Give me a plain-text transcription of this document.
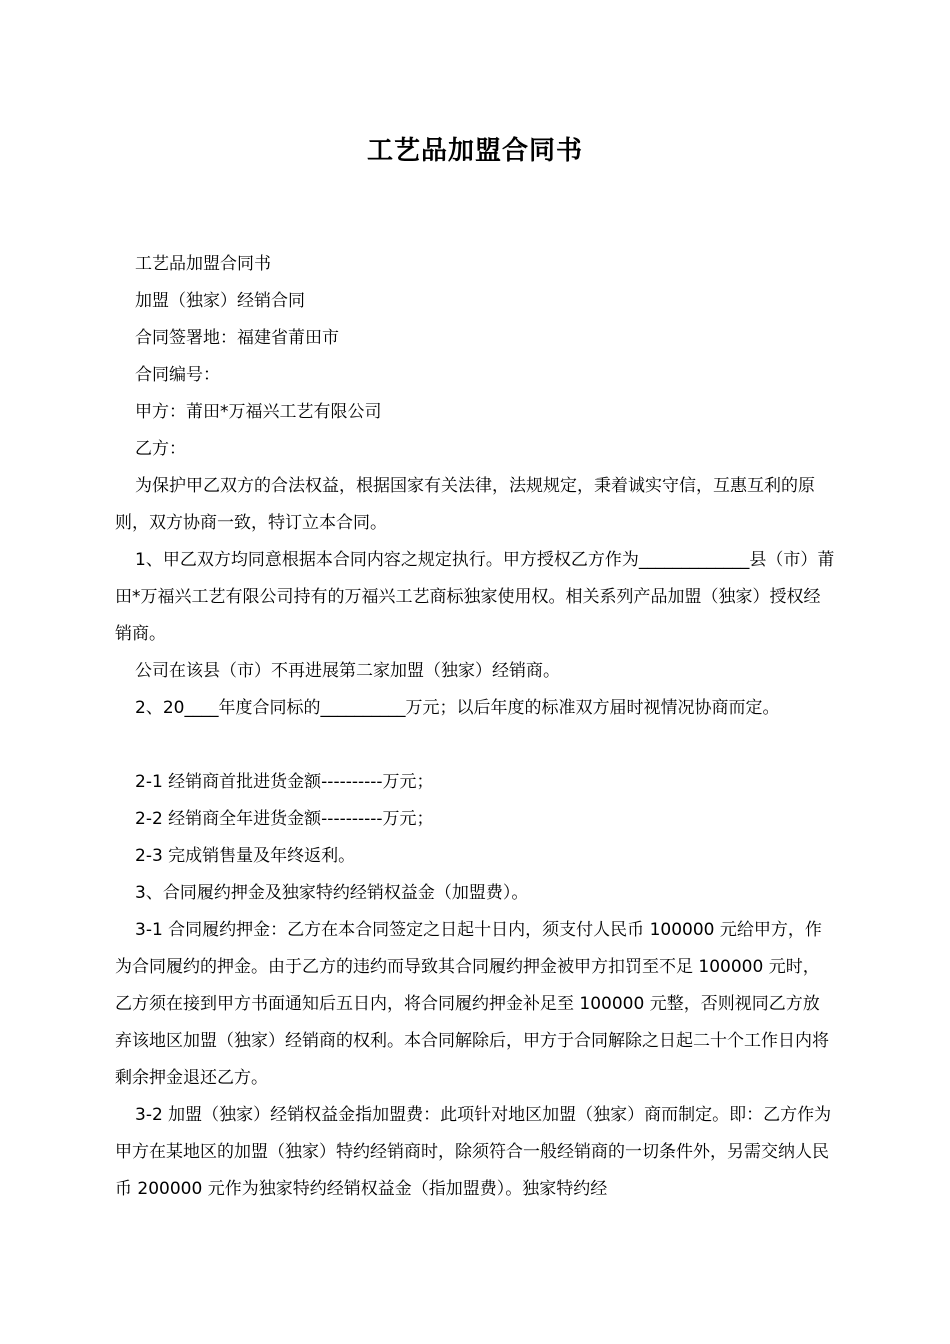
工艺品加盟合同书

工艺品加盟合同书

加盟（独家）经销合同

合同签署地：福建省莆田市

合同编号：

甲方：莆田*万福兴工艺有限公司

乙方：

为保护甲乙双方的合法权益，根据国家有关法律，法规规定，秉着诚实守信，互惠互利的原则，双方协商一致，特订立本合同。

1、甲乙双方均同意根据本合同内容之规定执行。甲方授权乙方作为_____________县（市）莆田*万福兴工艺有限公司持有的万福兴工艺商标独家使用权。相关系列产品加盟（独家）授权经销商。

公司在该县（市）不再进展第二家加盟（独家）经销商。

2、20____年度合同标的__________万元；以后年度的标准双方届时视情况协商而定。

2-1 经销商首批进货金额----------万元；

2-2 经销商全年进货金额----------万元；

2-3 完成销售量及年终返利。

3、合同履约押金及独家特约经销权益金（加盟费）。

3-1 合同履约押金：乙方在本合同签定之日起十日内，须支付人民币 100000 元给甲方，作为合同履约的押金。由于乙方的违约而导致其合同履约押金被甲方扣罚至不足 100000 元时，乙方须在接到甲方书面通知后五日内，将合同履约押金补足至 100000 元整，否则视同乙方放弃该地区加盟（独家）经销商的权利。本合同解除后，甲方于合同解除之日起二十个工作日内将剩余押金退还乙方。

3-2 加盟（独家）经销权益金指加盟费：此项针对地区加盟（独家）商而制定。即：乙方作为甲方在某地区的加盟（独家）特约经销商时，除须符合一般经销商的一切条件外，另需交纳人民币 200000 元作为独家特约经销权益金（指加盟费）。独家特约经
